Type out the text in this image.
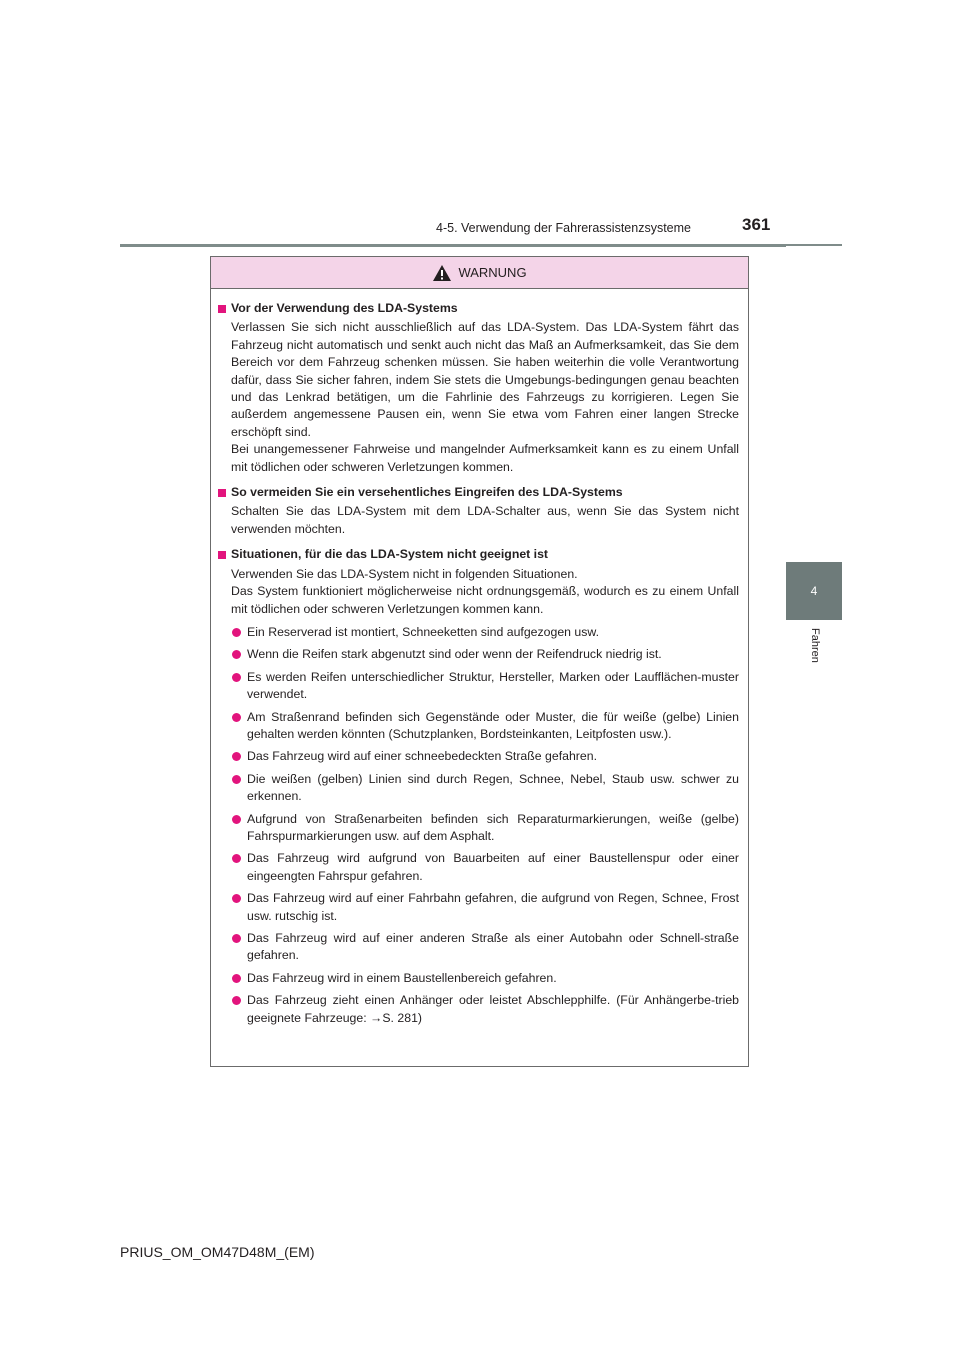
4-5. Verwendung der Fahrerassistenzsysteme	361
4
Fahren
WARNUNG
Vor der Verwendung des LDA-Systems

Verlassen Sie sich nicht ausschließlich auf das LDA-System. Das LDA-System fährt das Fahrzeug nicht automatisch und senkt auch nicht das Maß an Aufmerksamkeit, das Sie dem Bereich vor dem Fahrzeug schenken müssen. Sie haben weiterhin die volle Verantwortung dafür, dass Sie sicher fahren, indem Sie stets die Umgebungs-bedingungen genau beachten und das Lenkrad betätigen, um die Fahrlinie des Fahrzeugs zu korrigieren. Legen Sie außerdem angemessene Pausen ein, wenn Sie etwa vom Fahren einer langen Strecke erschöpft sind.

Bei unangemessener Fahrweise und mangelnder Aufmerksamkeit kann es zu einem Unfall mit tödlichen oder schweren Verletzungen kommen.

So vermeiden Sie ein versehentliches Eingreifen des LDA-Systems

Schalten Sie das LDA-System mit dem LDA-Schalter aus, wenn Sie das System nicht verwenden möchten.

Situationen, für die das LDA-System nicht geeignet ist

Verwenden Sie das LDA-System nicht in folgenden Situationen.

Das System funktioniert möglicherweise nicht ordnungsgemäß, wodurch es zu einem Unfall mit tödlichen oder schweren Verletzungen kommen kann.

Ein Reserverad ist montiert, Schneeketten sind aufgezogen usw.
Wenn die Reifen stark abgenutzt sind oder wenn der Reifendruck niedrig ist.
Es werden Reifen unterschiedlicher Struktur, Hersteller, Marken oder Laufflächen-muster verwendet.
Am Straßenrand befinden sich Gegenstände oder Muster, die für weiße (gelbe) Linien gehalten werden könnten (Schutzplanken, Bordsteinkanten, Leitpfosten usw.).
Das Fahrzeug wird auf einer schneebedeckten Straße gefahren.
Die weißen (gelben) Linien sind durch Regen, Schnee, Nebel, Staub usw. schwer zu erkennen.
Aufgrund von Straßenarbeiten befinden sich Reparaturmarkierungen, weiße (gelbe) Fahrspurmarkierungen usw. auf dem Asphalt.
Das Fahrzeug wird aufgrund von Bauarbeiten auf einer Baustellenspur oder einer eingeengten Fahrspur gefahren.
Das Fahrzeug wird auf einer Fahrbahn gefahren, die aufgrund von Regen, Schnee, Frost usw. rutschig ist.
Das Fahrzeug wird auf einer anderen Straße als einer Autobahn oder Schnell-straße gefahren.
Das Fahrzeug wird in einem Baustellenbereich gefahren.
Das Fahrzeug zieht einen Anhänger oder leistet Abschlepphilfe. (Für Anhängerbe-trieb geeignete Fahrzeuge: →S. 281)
PRIUS_OM_OM47D48M_(EM)
